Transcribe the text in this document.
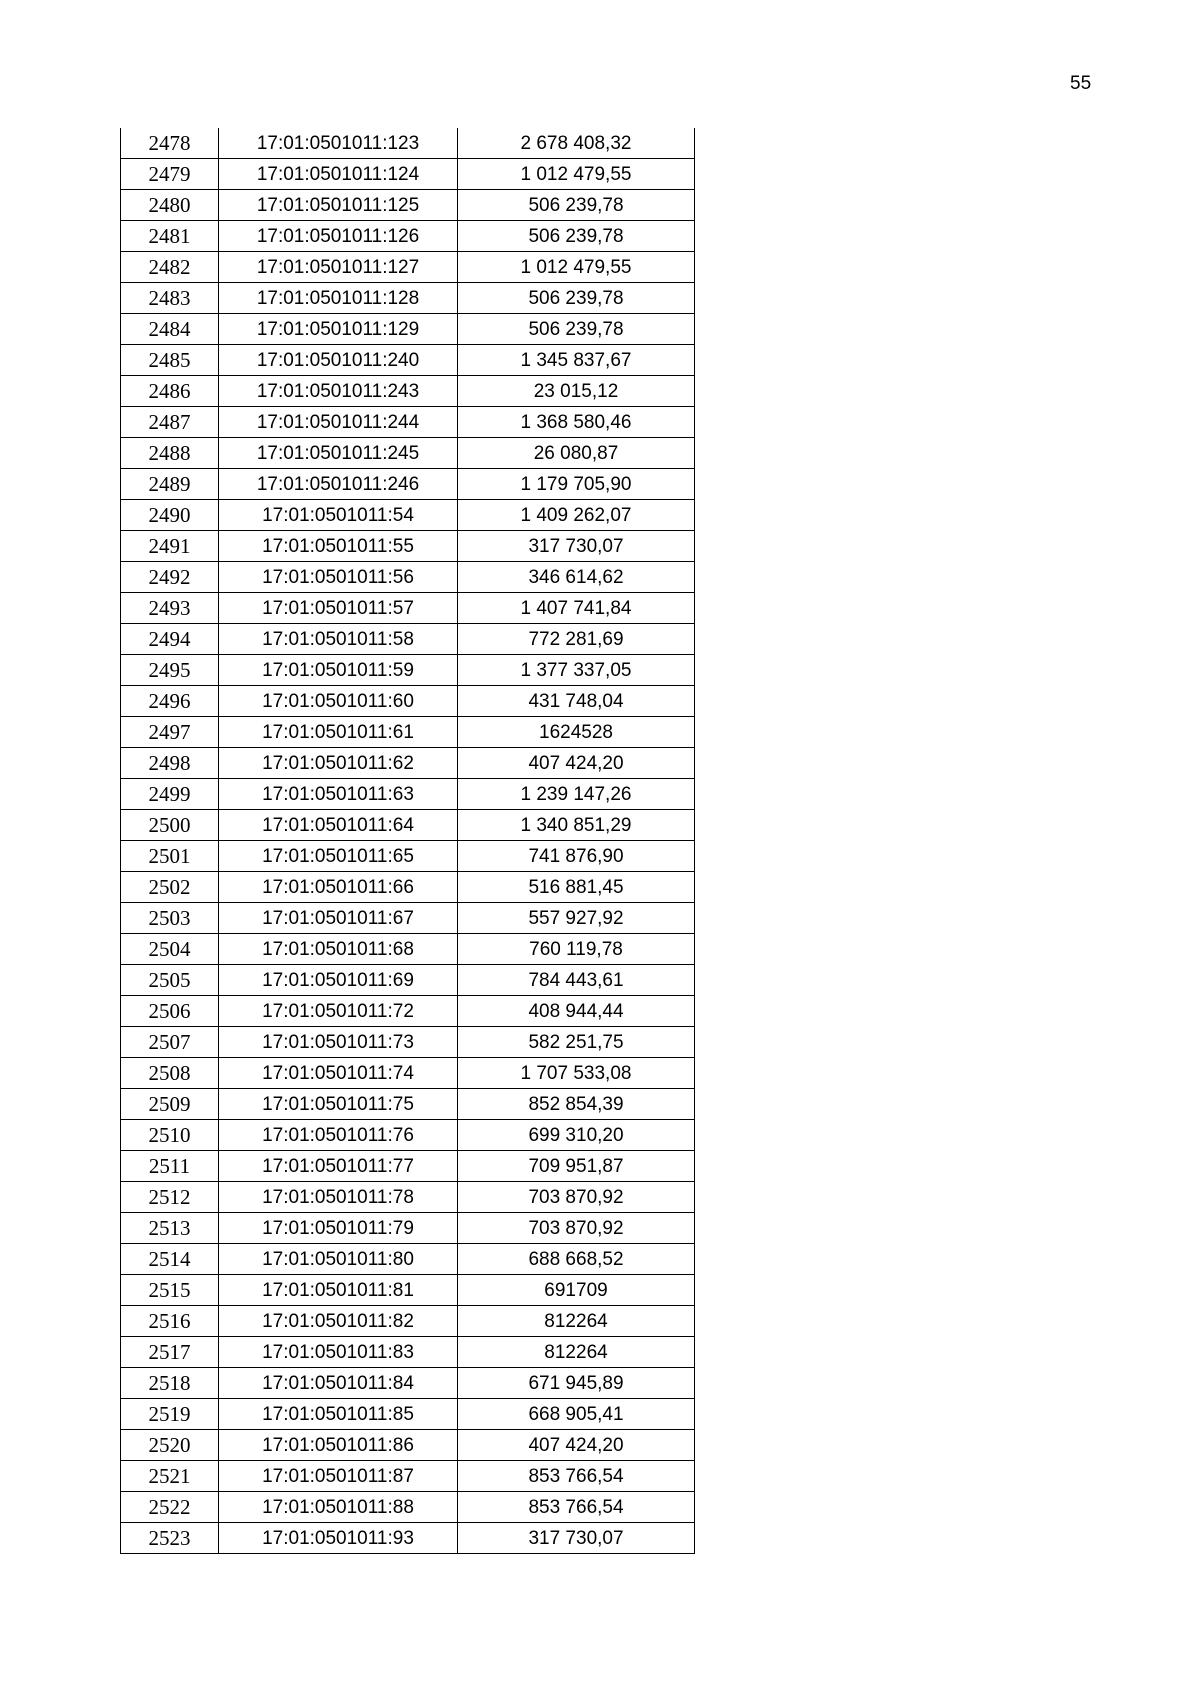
55
2478	17:01:0501011:123	2 678 408,32
2479	17:01:0501011:124	1 012 479,55
2480	17:01:0501011:125	506 239,78
2481	17:01:0501011:126	506 239,78
2482	17:01:0501011:127	1 012 479,55
2483	17:01:0501011:128	506 239,78
2484	17:01:0501011:129	506 239,78
2485	17:01:0501011:240	1 345 837,67
2486	17:01:0501011:243	23 015,12
2487	17:01:0501011:244	1 368 580,46
2488	17:01:0501011:245	26 080,87
2489	17:01:0501011:246	1 179 705,90
2490	17:01:0501011:54	1 409 262,07
2491	17:01:0501011:55	317 730,07
2492	17:01:0501011:56	346 614,62
2493	17:01:0501011:57	1 407 741,84
2494	17:01:0501011:58	772 281,69
2495	17:01:0501011:59	1 377 337,05
2496	17:01:0501011:60	431 748,04
2497	17:01:0501011:61	1624528
2498	17:01:0501011:62	407 424,20
2499	17:01:0501011:63	1 239 147,26
2500	17:01:0501011:64	1 340 851,29
2501	17:01:0501011:65	741 876,90
2502	17:01:0501011:66	516 881,45
2503	17:01:0501011:67	557 927,92
2504	17:01:0501011:68	760 119,78
2505	17:01:0501011:69	784 443,61
2506	17:01:0501011:72	408 944,44
2507	17:01:0501011:73	582 251,75
2508	17:01:0501011:74	1 707 533,08
2509	17:01:0501011:75	852 854,39
2510	17:01:0501011:76	699 310,20
2511	17:01:0501011:77	709 951,87
2512	17:01:0501011:78	703 870,92
2513	17:01:0501011:79	703 870,92
2514	17:01:0501011:80	688 668,52
2515	17:01:0501011:81	691709
2516	17:01:0501011:82	812264
2517	17:01:0501011:83	812264
2518	17:01:0501011:84	671 945,89
2519	17:01:0501011:85	668 905,41
2520	17:01:0501011:86	407 424,20
2521	17:01:0501011:87	853 766,54
2522	17:01:0501011:88	853 766,54
2523	17:01:0501011:93	317 730,07
